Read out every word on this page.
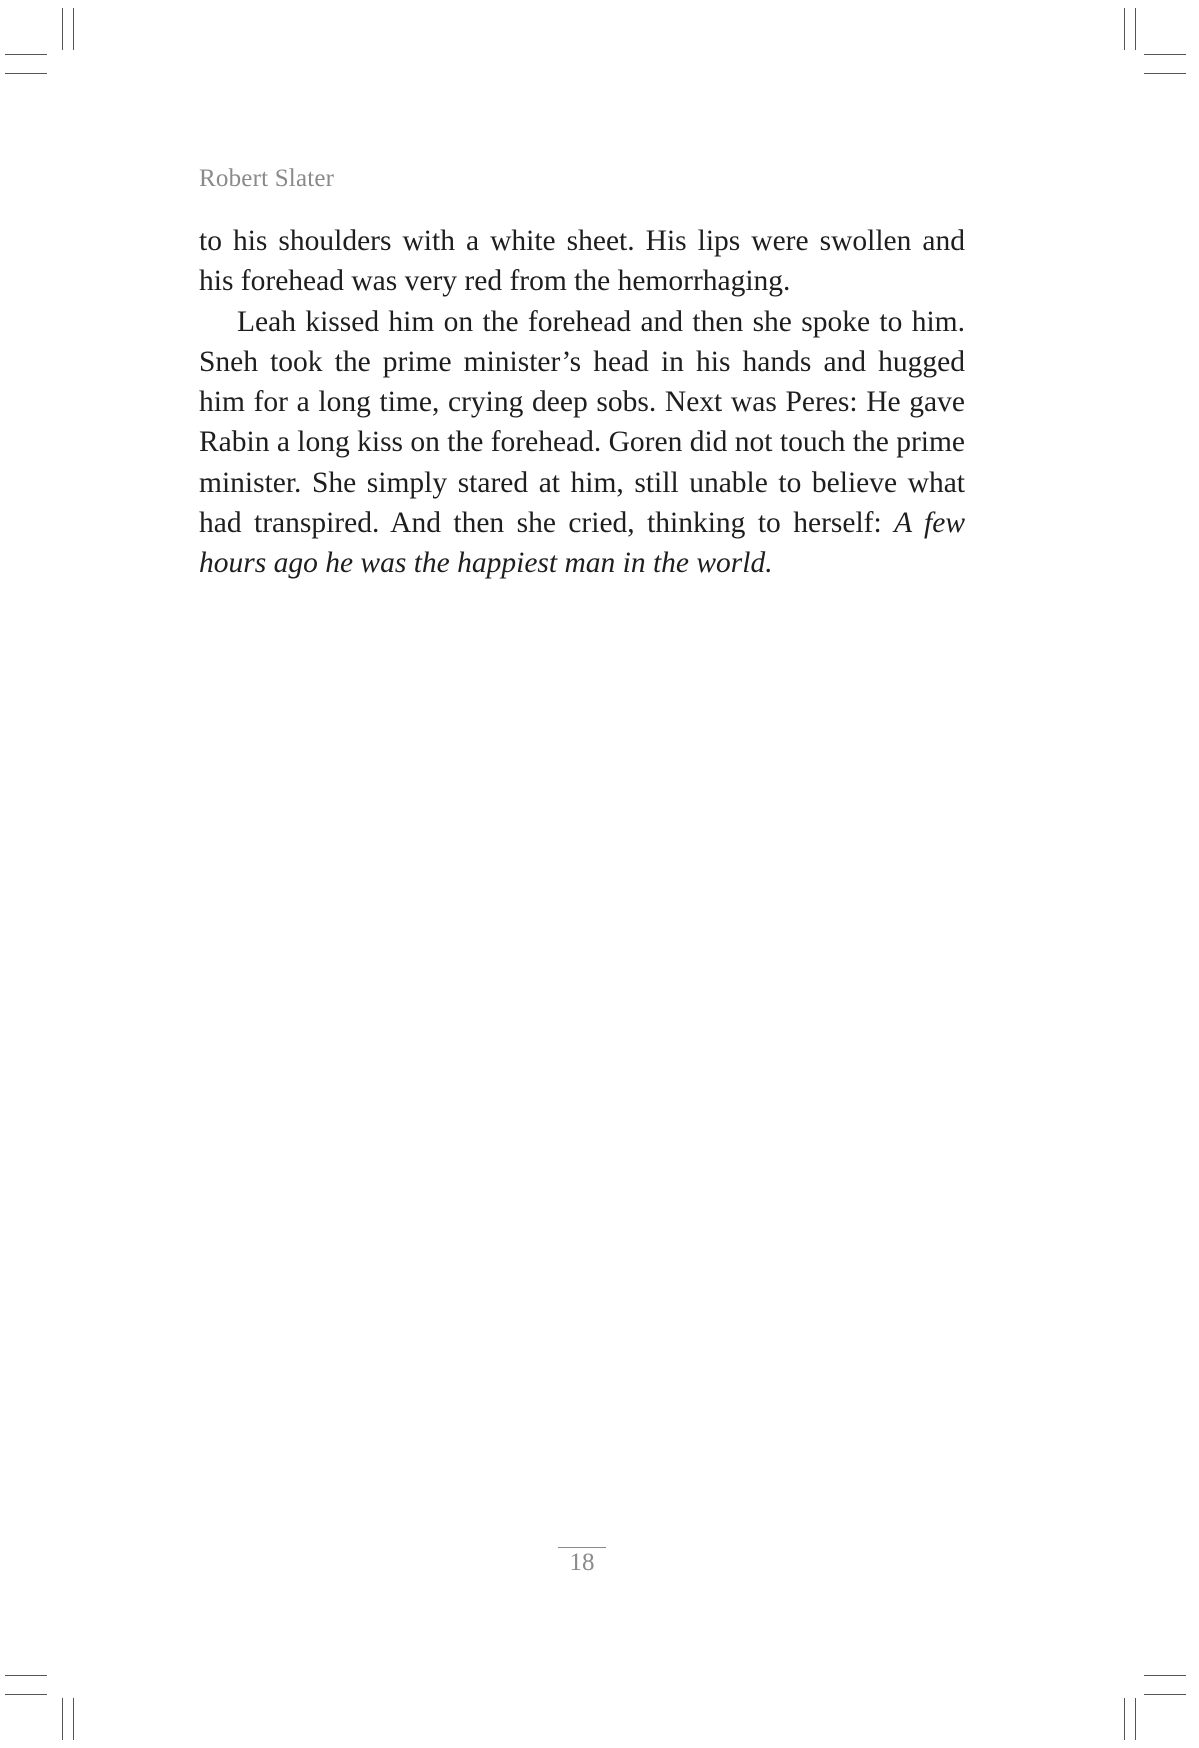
Robert Slater

to his shoulders with a white sheet. His lips were swollen and his forehead was very red from the hemorrhaging.

Leah kissed him on the forehead and then she spoke to him. Sneh took the prime minister’s head in his hands and hugged him for a long time, crying deep sobs. Next was Peres: He gave Rabin a long kiss on the forehead. Goren did not touch the prime minister. She simply stared at him, still unable to believe what had transpired. And then she cried, thinking to herself: A few hours ago he was the happiest man in the world.

18
